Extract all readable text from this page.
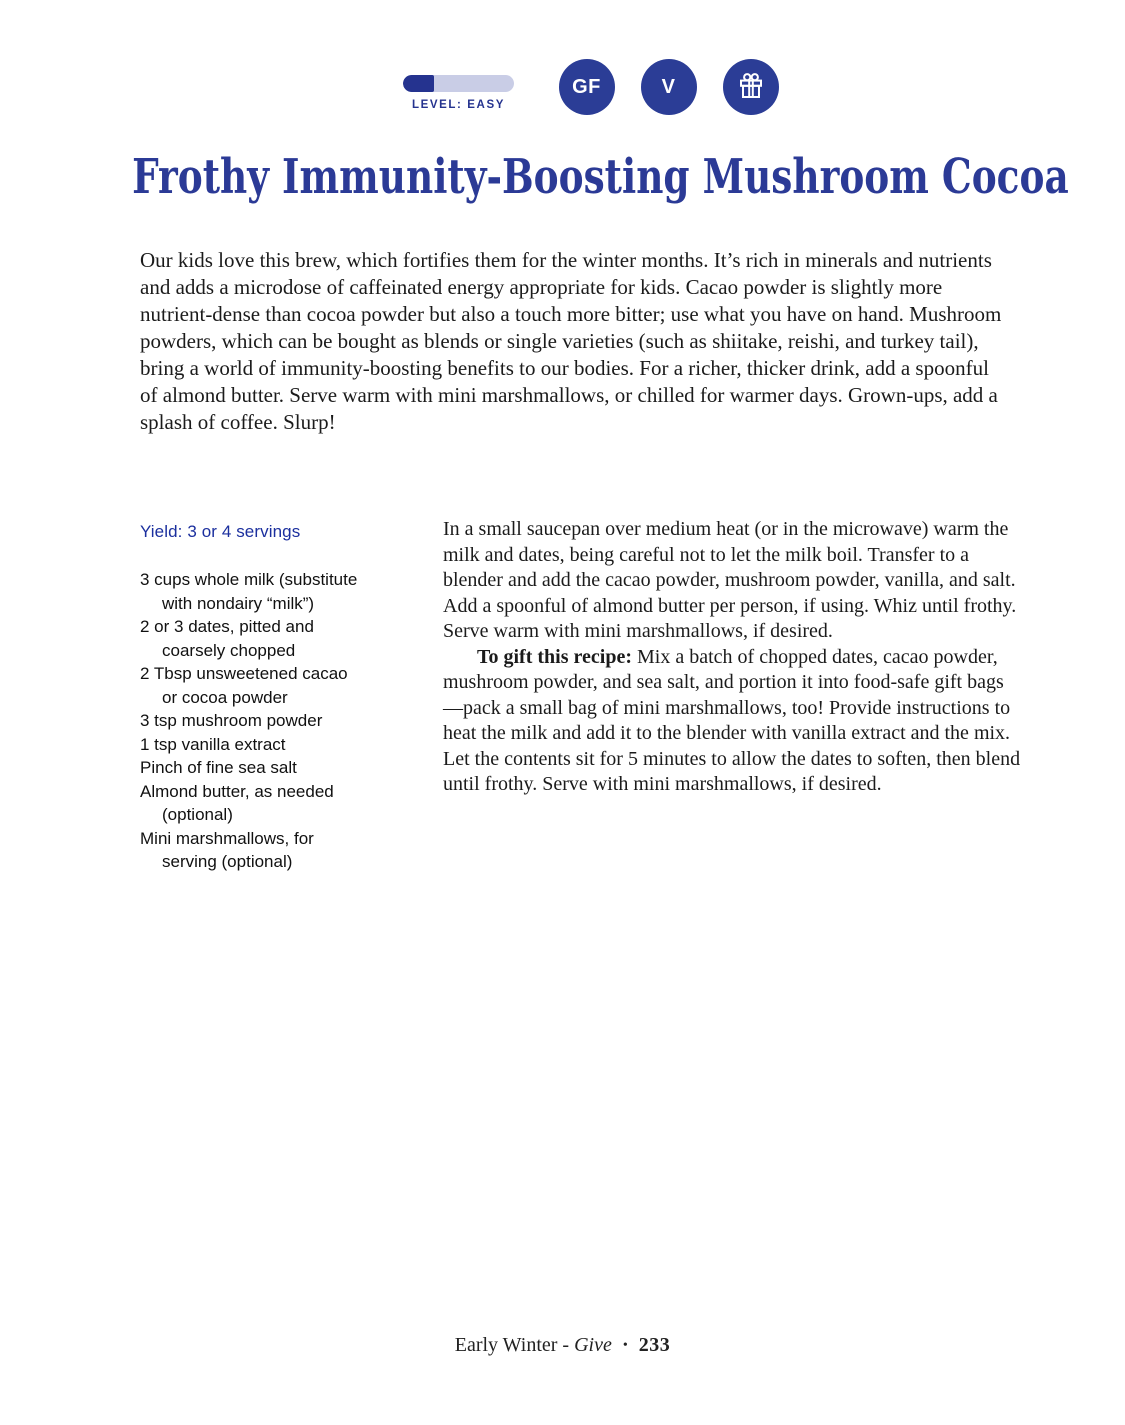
LEVEL: EASY
GF	V
Frothy Immunity-Boosting Mushroom Cocoa

Our kids love this brew, which fortifies them for the winter months. It’s rich in minerals and nutrients and adds a microdose of caffeinated energy appropriate for kids. Cacao powder is slightly more nutrient-dense than cocoa powder but also a touch more bitter; use what you have on hand. Mushroom powders, which can be bought as blends or single varieties (such as shiitake, reishi, and turkey tail), bring a world of immunity-boosting benefits to our bodies. For a richer, thicker drink, add a spoonful of almond butter. Serve warm with mini marshmallows, or chilled for warmer days. Grown-ups, add a splash of coffee. Slurp!

Yield: 3 or 4 servings
3 cups whole milk (substitute
with nondairy “milk”)
2 or 3 dates, pitted and
coarsely chopped
2 Tbsp unsweetened cacao
or cocoa powder
3 tsp mushroom powder
1 tsp vanilla extract
Pinch of fine sea salt
Almond butter, as needed
(optional)
Mini marshmallows, for
serving (optional)

In a small saucepan over medium heat (or in the microwave) warm the milk and dates, being careful not to let the milk boil. Transfer to a blender and add the cacao powder, mushroom powder, vanilla, and salt. Add a spoonful of almond butter per person, if using. Whiz until frothy. Serve warm with mini marshmallows, if desired.

To gift this recipe: Mix a batch of chopped dates, cacao powder, mushroom powder, and sea salt, and portion it into food-safe gift bags—pack a small bag of mini marshmallows, too! Provide instructions to heat the milk and add it to the blender with vanilla extract and the mix. Let the contents sit for 5 minutes to allow the dates to soften, then blend until frothy. Serve with mini marshmallows, if desired.

Early Winter - Give • 233
